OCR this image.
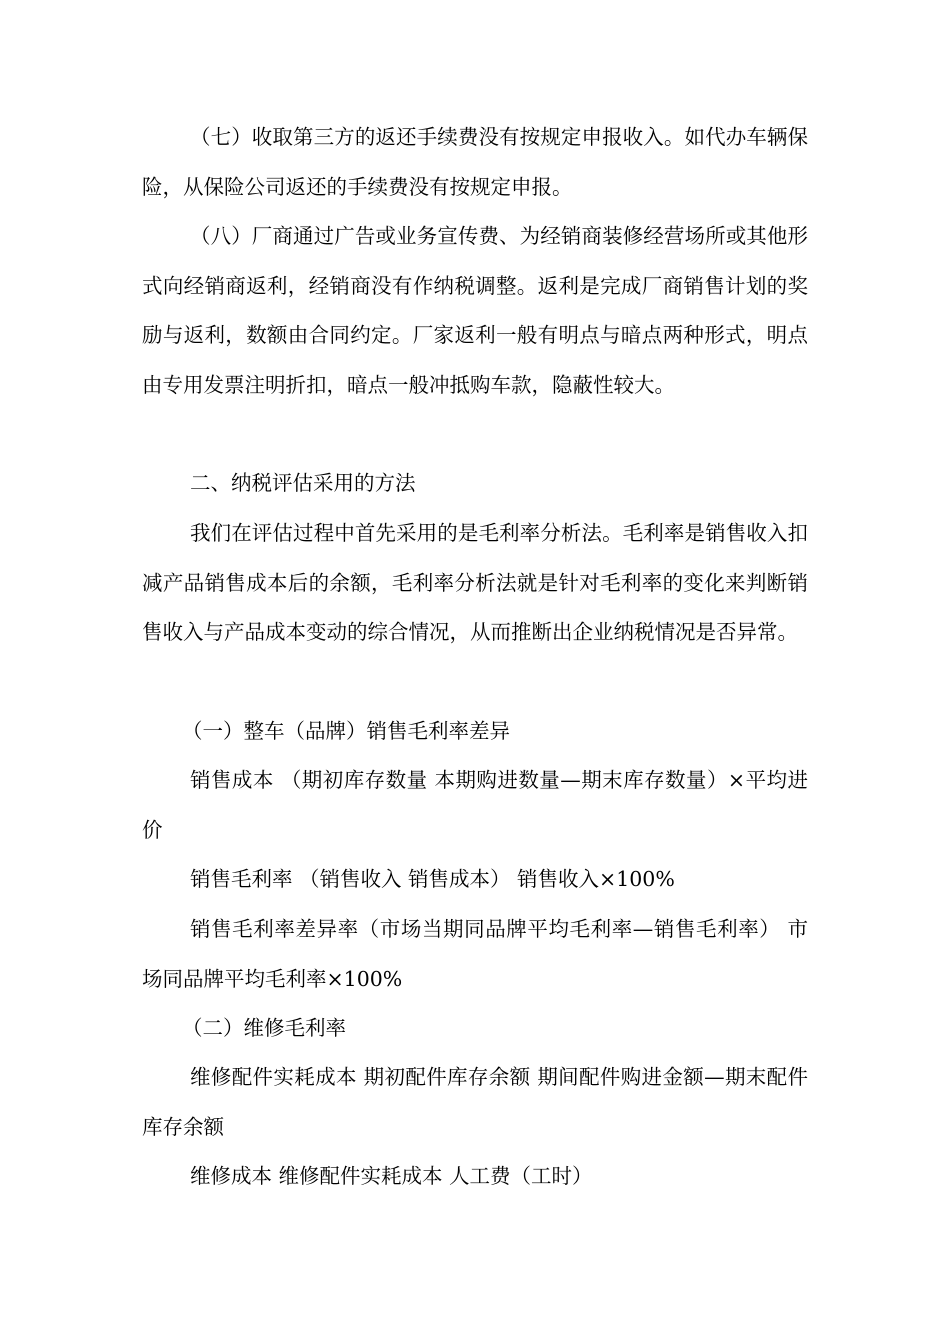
（七）收取第三方的返还手续费没有按规定申报收入。如代办车辆保险，从保险公司返还的手续费没有按规定申报。

（八）厂商通过广告或业务宣传费、为经销商装修经营场所或其他形式向经销商返利，经销商没有作纳税调整。返利是完成厂商销售计划的奖励与返利，数额由合同约定。厂家返利一般有明点与暗点两种形式，明点由专用发票注明折扣，暗点一般冲抵购车款，隐蔽性较大。

二、纳税评估采用的方法

我们在评估过程中首先采用的是毛利率分析法。毛利率是销售收入扣减产品销售成本后的余额，毛利率分析法就是针对毛利率的变化来判断销售收入与产品成本变动的综合情况，从而推断出企业纳税情况是否异常。

（一）整车（品牌）销售毛利率差异

销售成本 （期初库存数量 本期购进数量—期末库存数量）×平均进价

销售毛利率 （销售收入 销售成本） 销售收入×100%

销售毛利率差异率（市场当期同品牌平均毛利率—销售毛利率） 市场同品牌平均毛利率×100%

（二）维修毛利率

维修配件实耗成本 期初配件库存余额 期间配件购进金额—期末配件库存余额

维修成本 维修配件实耗成本 人工费（工时）
